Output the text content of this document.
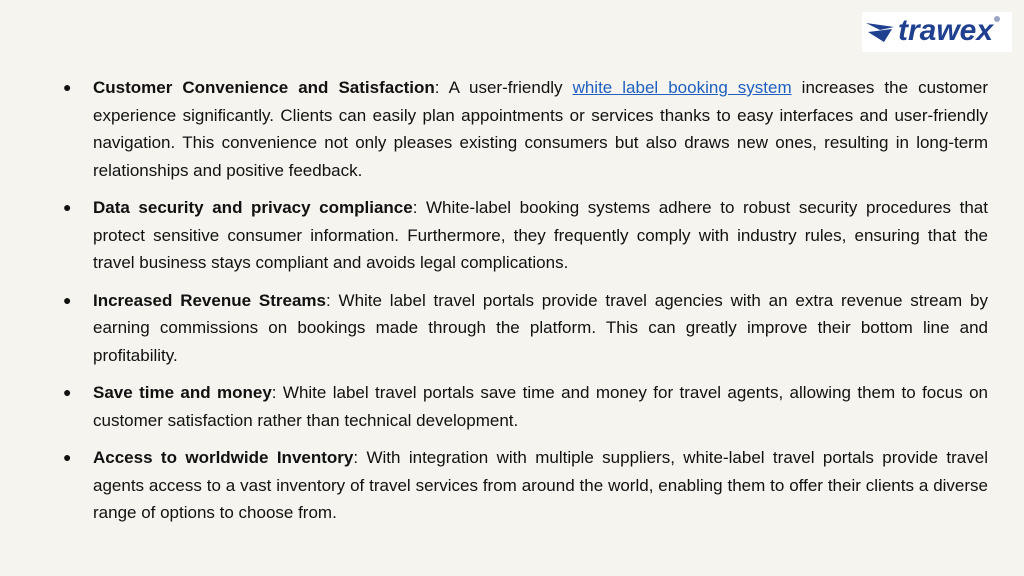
trawex
●	Customer Convenience and Satisfaction: A user-friendly white label booking system increases the customer experience significantly. Clients can easily plan appointments or services thanks to easy interfaces and user-friendly navigation. This convenience not only pleases existing consumers but also draws new ones, resulting in long-term relationships and positive feedback.
●	Data security and privacy compliance: White-label booking systems adhere to robust security procedures that protect sensitive consumer information. Furthermore, they frequently comply with industry rules, ensuring that the travel business stays compliant and avoids legal complications.
●	Increased Revenue Streams: White label travel portals provide travel agencies with an extra revenue stream by earning commissions on bookings made through the platform. This can greatly improve their bottom line and profitability.
●	Save time and money: White label travel portals save time and money for travel agents, allowing them to focus on customer satisfaction rather than technical development.
●	Access to worldwide Inventory: With integration with multiple suppliers, white-label travel portals provide travel agents access to a vast inventory of travel services from around the world, enabling them to offer their clients a diverse range of options to choose from.
